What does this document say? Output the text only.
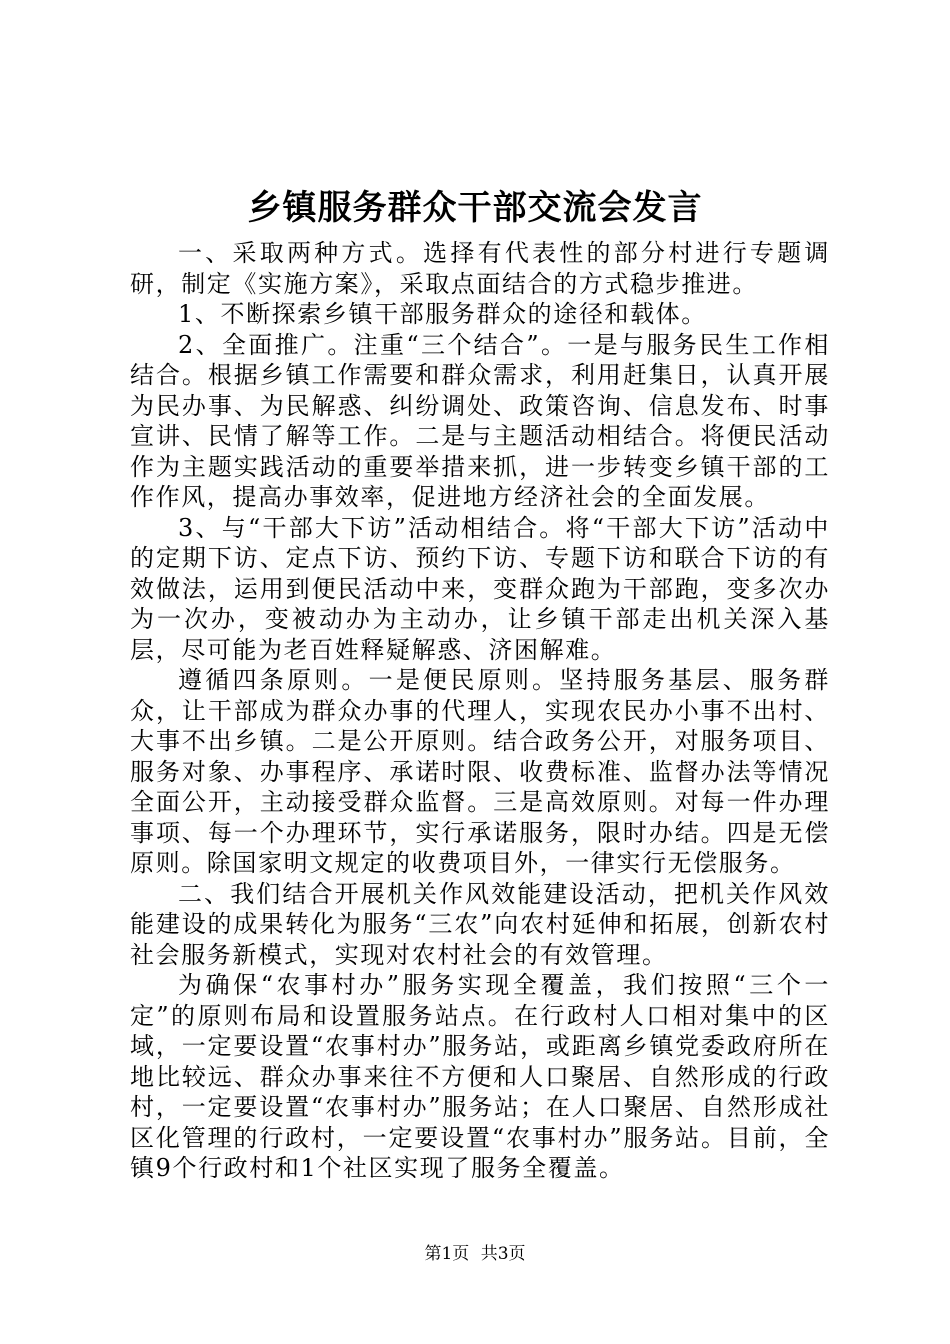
乡镇服务群众干部交流会发言

一、采取两种方式。选择有代表性的部分村进行专题调研，制定《实施方案》，采取点面结合的方式稳步推进。

1、不断探索乡镇干部服务群众的途径和载体。

2、全面推广。注重“三个结合”。一是与服务民生工作相结合。根据乡镇工作需要和群众需求，利用赶集日，认真开展为民办事、为民解惑、纠纷调处、政策咨询、信息发布、时事宣讲、民情了解等工作。二是与主题活动相结合。将便民活动作为主题实践活动的重要举措来抓，进一步转变乡镇干部的工作作风，提高办事效率，促进地方经济社会的全面发展。

3、与“干部大下访”活动相结合。将“干部大下访”活动中的定期下访、定点下访、预约下访、专题下访和联合下访的有效做法，运用到便民活动中来，变群众跑为干部跑，变多次办为一次办，变被动办为主动办，让乡镇干部走出机关深入基层，尽可能为老百姓释疑解惑、济困解难。

遵循四条原则。一是便民原则。坚持服务基层、服务群众，让干部成为群众办事的代理人，实现农民办小事不出村、大事不出乡镇。二是公开原则。结合政务公开，对服务项目、服务对象、办事程序、承诺时限、收费标准、监督办法等情况全面公开，主动接受群众监督。三是高效原则。对每一件办理事项、每一个办理环节，实行承诺服务，限时办结。四是无偿原则。除国家明文规定的收费项目外，一律实行无偿服务。

二、我们结合开展机关作风效能建设活动，把机关作风效能建设的成果转化为服务“三农”向农村延伸和拓展，创新农村社会服务新模式，实现对农村社会的有效管理。

为确保“农事村办”服务实现全覆盖，我们按照“三个一定”的原则布局和设置服务站点。在行政村人口相对集中的区域，一定要设置“农事村办”服务站，或距离乡镇党委政府所在地比较远、群众办事来往不方便和人口聚居、自然形成的行政村，一定要设置“农事村办”服务站；在人口聚居、自然形成社区化管理的行政村，一定要设置“农事村办”服务站。目前，全镇9个行政村和1个社区实现了服务全覆盖。

第1页 共3页
